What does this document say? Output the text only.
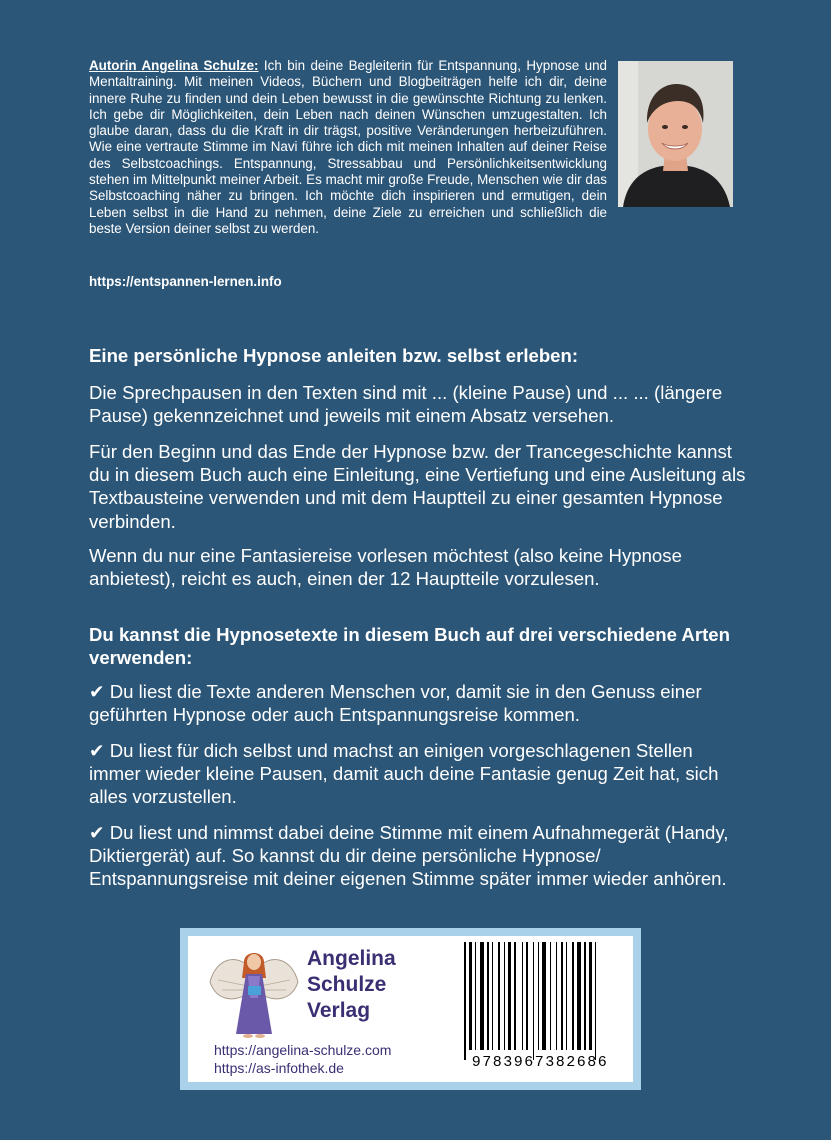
Autorin Angelina Schulze: Ich bin deine Begleiterin für Entspannung, Hypnose und Mentaltraining. Mit meinen Videos, Büchern und Blogbeiträgen helfe ich dir, deine innere Ruhe zu finden und dein Leben bewusst in die gewünschte Richtung zu lenken. Ich gebe dir Möglichkeiten, dein Leben nach deinen Wünschen umzugestalten. Ich glaube daran, dass du die Kraft in dir trägst, positive Veränderungen herbeizuführen. Wie eine vertraute Stimme im Navi führe ich dich mit meinen Inhalten auf deiner Reise des Selbstcoachings. Entspannung, Stressabbau und Persönlichkeitsentwicklung stehen im Mittelpunkt meiner Arbeit. Es macht mir große Freude, Menschen wie dir das Selbstcoaching näher zu bringen. Ich möchte dich inspirieren und ermutigen, dein Leben selbst in die Hand zu nehmen, deine Ziele zu erreichen und schließlich die beste Version deiner selbst zu werden.

https://entspannen-lernen.info

Eine persönliche Hypnose anleiten bzw. selbst erleben:

Die Sprechpausen in den Texten sind mit ... (kleine Pause) und ... ... (längere Pause) gekennzeichnet und jeweils mit einem Absatz versehen.

Für den Beginn und das Ende der Hypnose bzw. der Trancegeschichte kannst du in diesem Buch auch eine Einleitung, eine Vertiefung und eine Ausleitung als Textbausteine verwenden und mit dem Hauptteil zu einer gesamten Hypnose verbinden.

Wenn du nur eine Fantasiereise vorlesen möchtest (also keine Hypnose anbietest), reicht es auch, einen der 12 Hauptteile vorzulesen.

Du kannst die Hypnosetexte in diesem Buch auf drei verschiedene Arten verwenden:

✔ Du liest die Texte anderen Menschen vor, damit sie in den Genuss einer geführten Hypnose oder auch Entspannungsreise kommen.

✔ Du liest für dich selbst und machst an einigen vorgeschlagenen Stellen immer wieder kleine Pausen, damit auch deine Fantasie genug Zeit hat, sich alles vorzustellen.

✔ Du liest und nimmst dabei deine Stimme mit einem Aufnahmegerät (Handy, Diktiergerät) auf. So kannst du dir deine persönliche Hypnose/ Entspannungsreise mit deiner eigenen Stimme später immer wieder anhören.

Angelina
Schulze
Verlag

https://angelina-schulze.com
https://as-infothek.de	9783967382686
